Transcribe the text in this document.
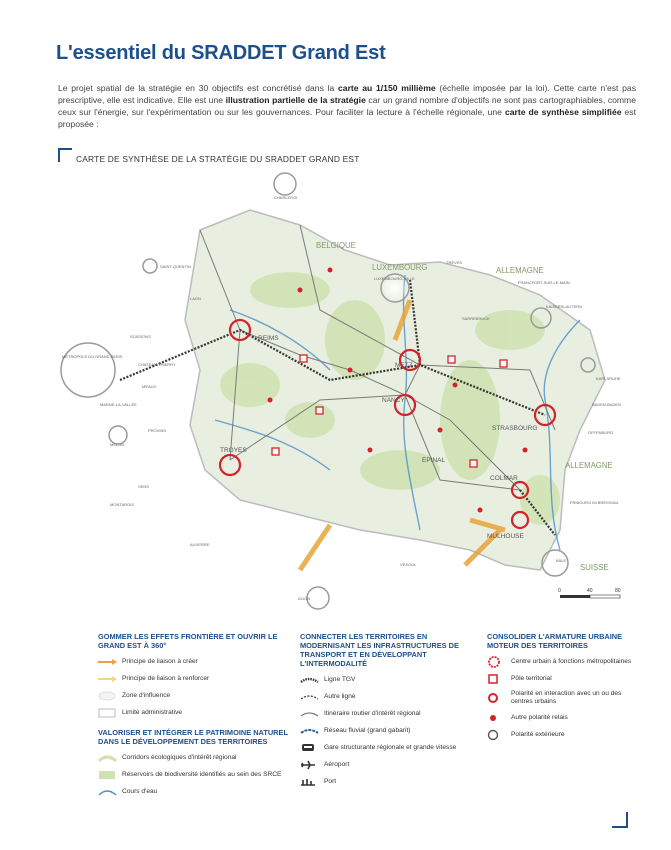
L'essentiel du SRADDET Grand Est
Le projet spatial de la stratégie en 30 objectifs est concrétisé dans la carte au 1/150 millième (échelle imposée par la loi). Cette carte n'est pas prescriptive, elle est indicative. Elle est une illustration partielle de la stratégie car un grand nombre d'objectifs ne sont pas cartographiables, comme ceux sur l'énergie, sur l'expérimentation ou sur les gouvernances. Pour faciliter la lecture à l'échelle régionale, une carte de synthèse simplifiée est proposée :
CARTE DE SYNTHÈSE DE LA STRATÉGIE DU SRADDET GRAND EST
BELGIQUE
LUXEMBOURG	ALLEMAGNE
ALLEMAGNE
SUISSE
REIMS
METZ
NANCY
STRASBOURG
TROYES
COLMAR
MULHOUSE
EPINAL
CHARLEROI
SAINT-QUENTIN
LAON
SOISSONS
MÉTROPOLE DU GRAND PARIS
CHATEAU-THIERRY
MEAUX
MARNE-LA-VALLÉE
PROVINS
MELUN
SENS
MONTARGIS
AUXERRE
DIJON
VESOUL
BÂLE
FRIBOURG IM BREISGAU
OFFENBURG
BADEN-BADEN
KARLSRUHE
SARREBRUCK
KAISERSLAUTERN
FRANCFORT-SUR-LE-MAIN
TRÈVES
LUXEMBOURG-VILLE
0	40	80
GOMMER LES EFFETS FRONTIÈRE ET OUVRIR LE GRAND EST À 360°
Principe de liaison à créer
Principe de liaison à renforcer
Zone d'influence
Limite administrative
VALORISER ET INTÉGRER LE PATRIMOINE NATUREL DANS LE DÉVELOPPEMENT DES TERRITOIRES
Corridors écologiques d'intérêt régional
Réservoirs de biodiversité identifiés au sein des SRCE
Cours d'eau
CONNECTER LES TERRITOIRES EN MODERNISANT LES INFRASTRUCTURES DE TRANSPORT ET EN DÉVELOPPANT L'INTERMODALITÉ
Ligne TGV
Autre ligne
Itinéraire routier d'intérêt régional
Réseau fluvial (grand gabarit)
Gare structurante régionale et grande vitesse
Aéroport
Port
CONSOLIDER L'ARMATURE URBAINE MOTEUR DES TERRITOIRES
Centre urbain à fonctions métropolitaines
Pôle territorial
Polarité en interaction avec un ou des centres urbains
Autre polarité relais
Polarité extérieure
